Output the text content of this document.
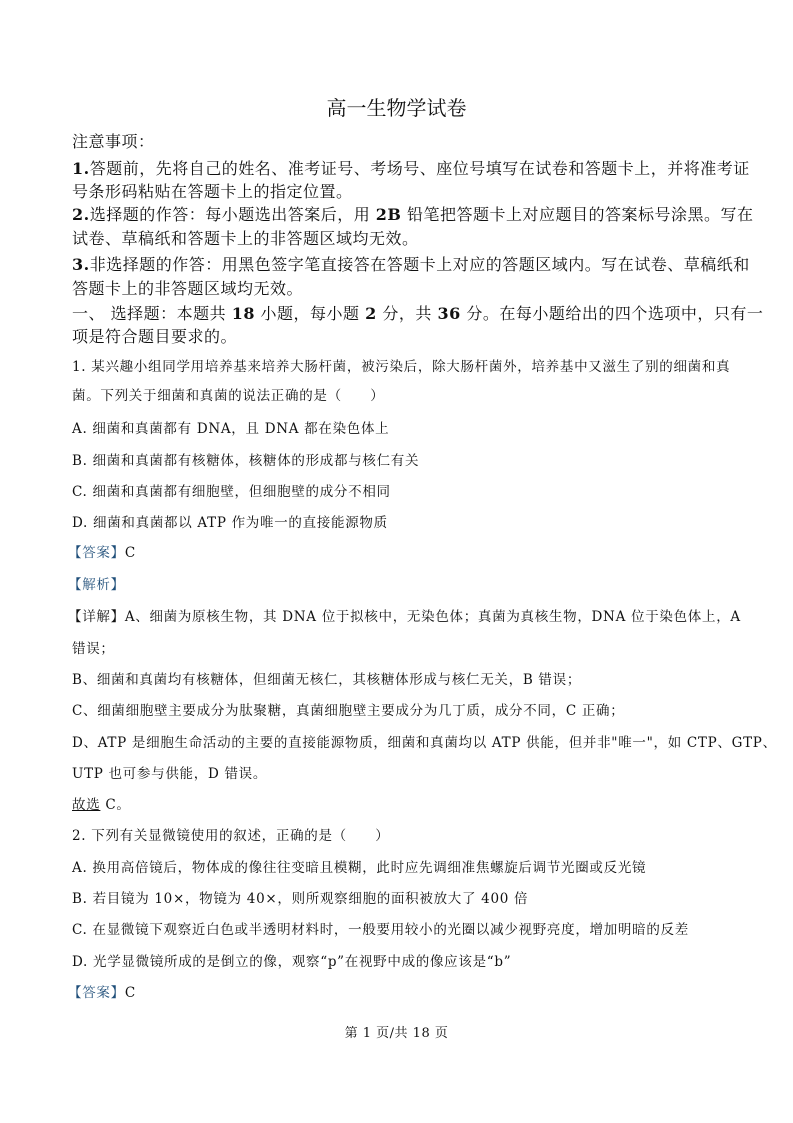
高一生物学试卷
注意事项：
1.答题前，先将自己的姓名、准考证号、考场号、座位号填写在试卷和答题卡上，并将准考证
号条形码粘贴在答题卡上的指定位置。
2.选择题的作答：每小题选出答案后，用 2B 铅笔把答题卡上对应题目的答案标号涂黑。写在
试卷、草稿纸和答题卡上的非答题区域均无效。
3.非选择题的作答：用黑色签字笔直接答在答题卡上对应的答题区域内。写在试卷、草稿纸和
答题卡上的非答题区域均无效。
一、 选择题：本题共 18 小题，每小题 2 分，共 36 分。在每小题给出的四个选项中，只有一
项是符合题目要求的。
1. 某兴趣小组同学用培养基来培养大肠杆菌，被污染后，除大肠杆菌外，培养基中又滋生了别的细菌和真
菌。下列关于细菌和真菌的说法正确的是（　　）
A. 细菌和真菌都有 DNA，且 DNA 都在染色体上
B. 细菌和真菌都有核糖体，核糖体的形成都与核仁有关
C. 细菌和真菌都有细胞壁，但细胞壁的成分不相同
D. 细菌和真菌都以 ATP 作为唯一的直接能源物质
【答案】C
【解析】
【详解】A、细菌为原核生物，其 DNA 位于拟核中，无染色体；真菌为真核生物，DNA 位于染色体上，A
错误；
B、细菌和真菌均有核糖体，但细菌无核仁，其核糖体形成与核仁无关，B 错误；
C、细菌细胞壁主要成分为肽聚糖，真菌细胞壁主要成分为几丁质，成分不同，C 正确；
D、ATP 是细胞生命活动的主要的直接能源物质，细菌和真菌均以 ATP 供能，但并非"唯一"，如 CTP、GTP、
UTP 也可参与供能，D 错误。
故选 C。
2. 下列有关显微镜使用的叙述，正确的是（　　）
A. 换用高倍镜后，物体成的像往往变暗且模糊，此时应先调细准焦螺旋后调节光圈或反光镜
B. 若目镜为 10×，物镜为 40×，则所观察细胞的面积被放大了 400 倍
C. 在显微镜下观察近白色或半透明材料时，一般要用较小的光圈以减少视野亮度，增加明暗的反差
D. 光学显微镜所成的是倒立的像，观察“p”在视野中成的像应该是“b”
【答案】C
第 1 页/共 18 页
